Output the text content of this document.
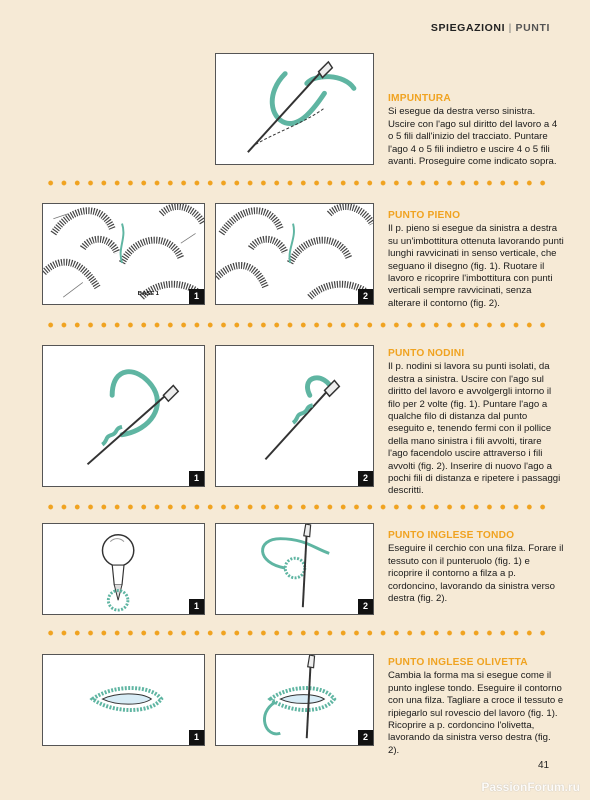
SPIEGAZIONI | PUNTI
IMPUNTURA
Si esegue da destra verso sinistra. Uscire con l'ago sul diritto del lavoro a 4 o 5 fili dall'inizio del tracciato. Puntare l'ago 4 o 5 fili indietro e uscire 4 o 5 fili avanti. Proseguire come indicato sopra.
BASE 1	1	2
PUNTO PIENO
Il p. pieno si esegue da sinistra a destra su un'imbottitura ottenuta lavorando punti lunghi ravvicinati in senso verticale, che seguano il disegno (fig. 1). Ruotare il lavoro e ricoprire l'imbottitura con punti verticali sempre ravvicinati, senza alterare il contorno (fig. 2).
1	2
PUNTO NODINI
Il p. nodini si lavora su punti isolati, da destra a sinistra. Uscire con l'ago sul diritto del lavoro e avvolgergli intorno il filo per 2 volte (fig. 1). Puntare l'ago a qualche filo di distanza dal punto eseguito e, tenendo fermi con il pollice della mano sinistra i fili avvolti, tirare l'ago facendolo uscire attraverso i fili avvolti (fig. 2). Inserire di nuovo l'ago a pochi fili di distanza e ripetere i passaggi descritti.
1	2
PUNTO INGLESE TONDO
Eseguire il cerchio con una filza. Forare il tessuto con il punteruolo (fig. 1) e ricoprire il contorno a filza a p. cordoncino, lavorando da sinistra verso destra (fig. 2).
1	2
PUNTO INGLESE OLIVETTA
Cambia la forma ma si esegue come il punto inglese tondo. Eseguire il contorno con una filza. Tagliare a croce il tessuto e ripiegarlo sul rovescio del lavoro (fig. 1). Ricoprire a p. cordoncino l'olivetta, lavorando da sinistra verso destra (fig. 2).
41
PassionForum.ru
